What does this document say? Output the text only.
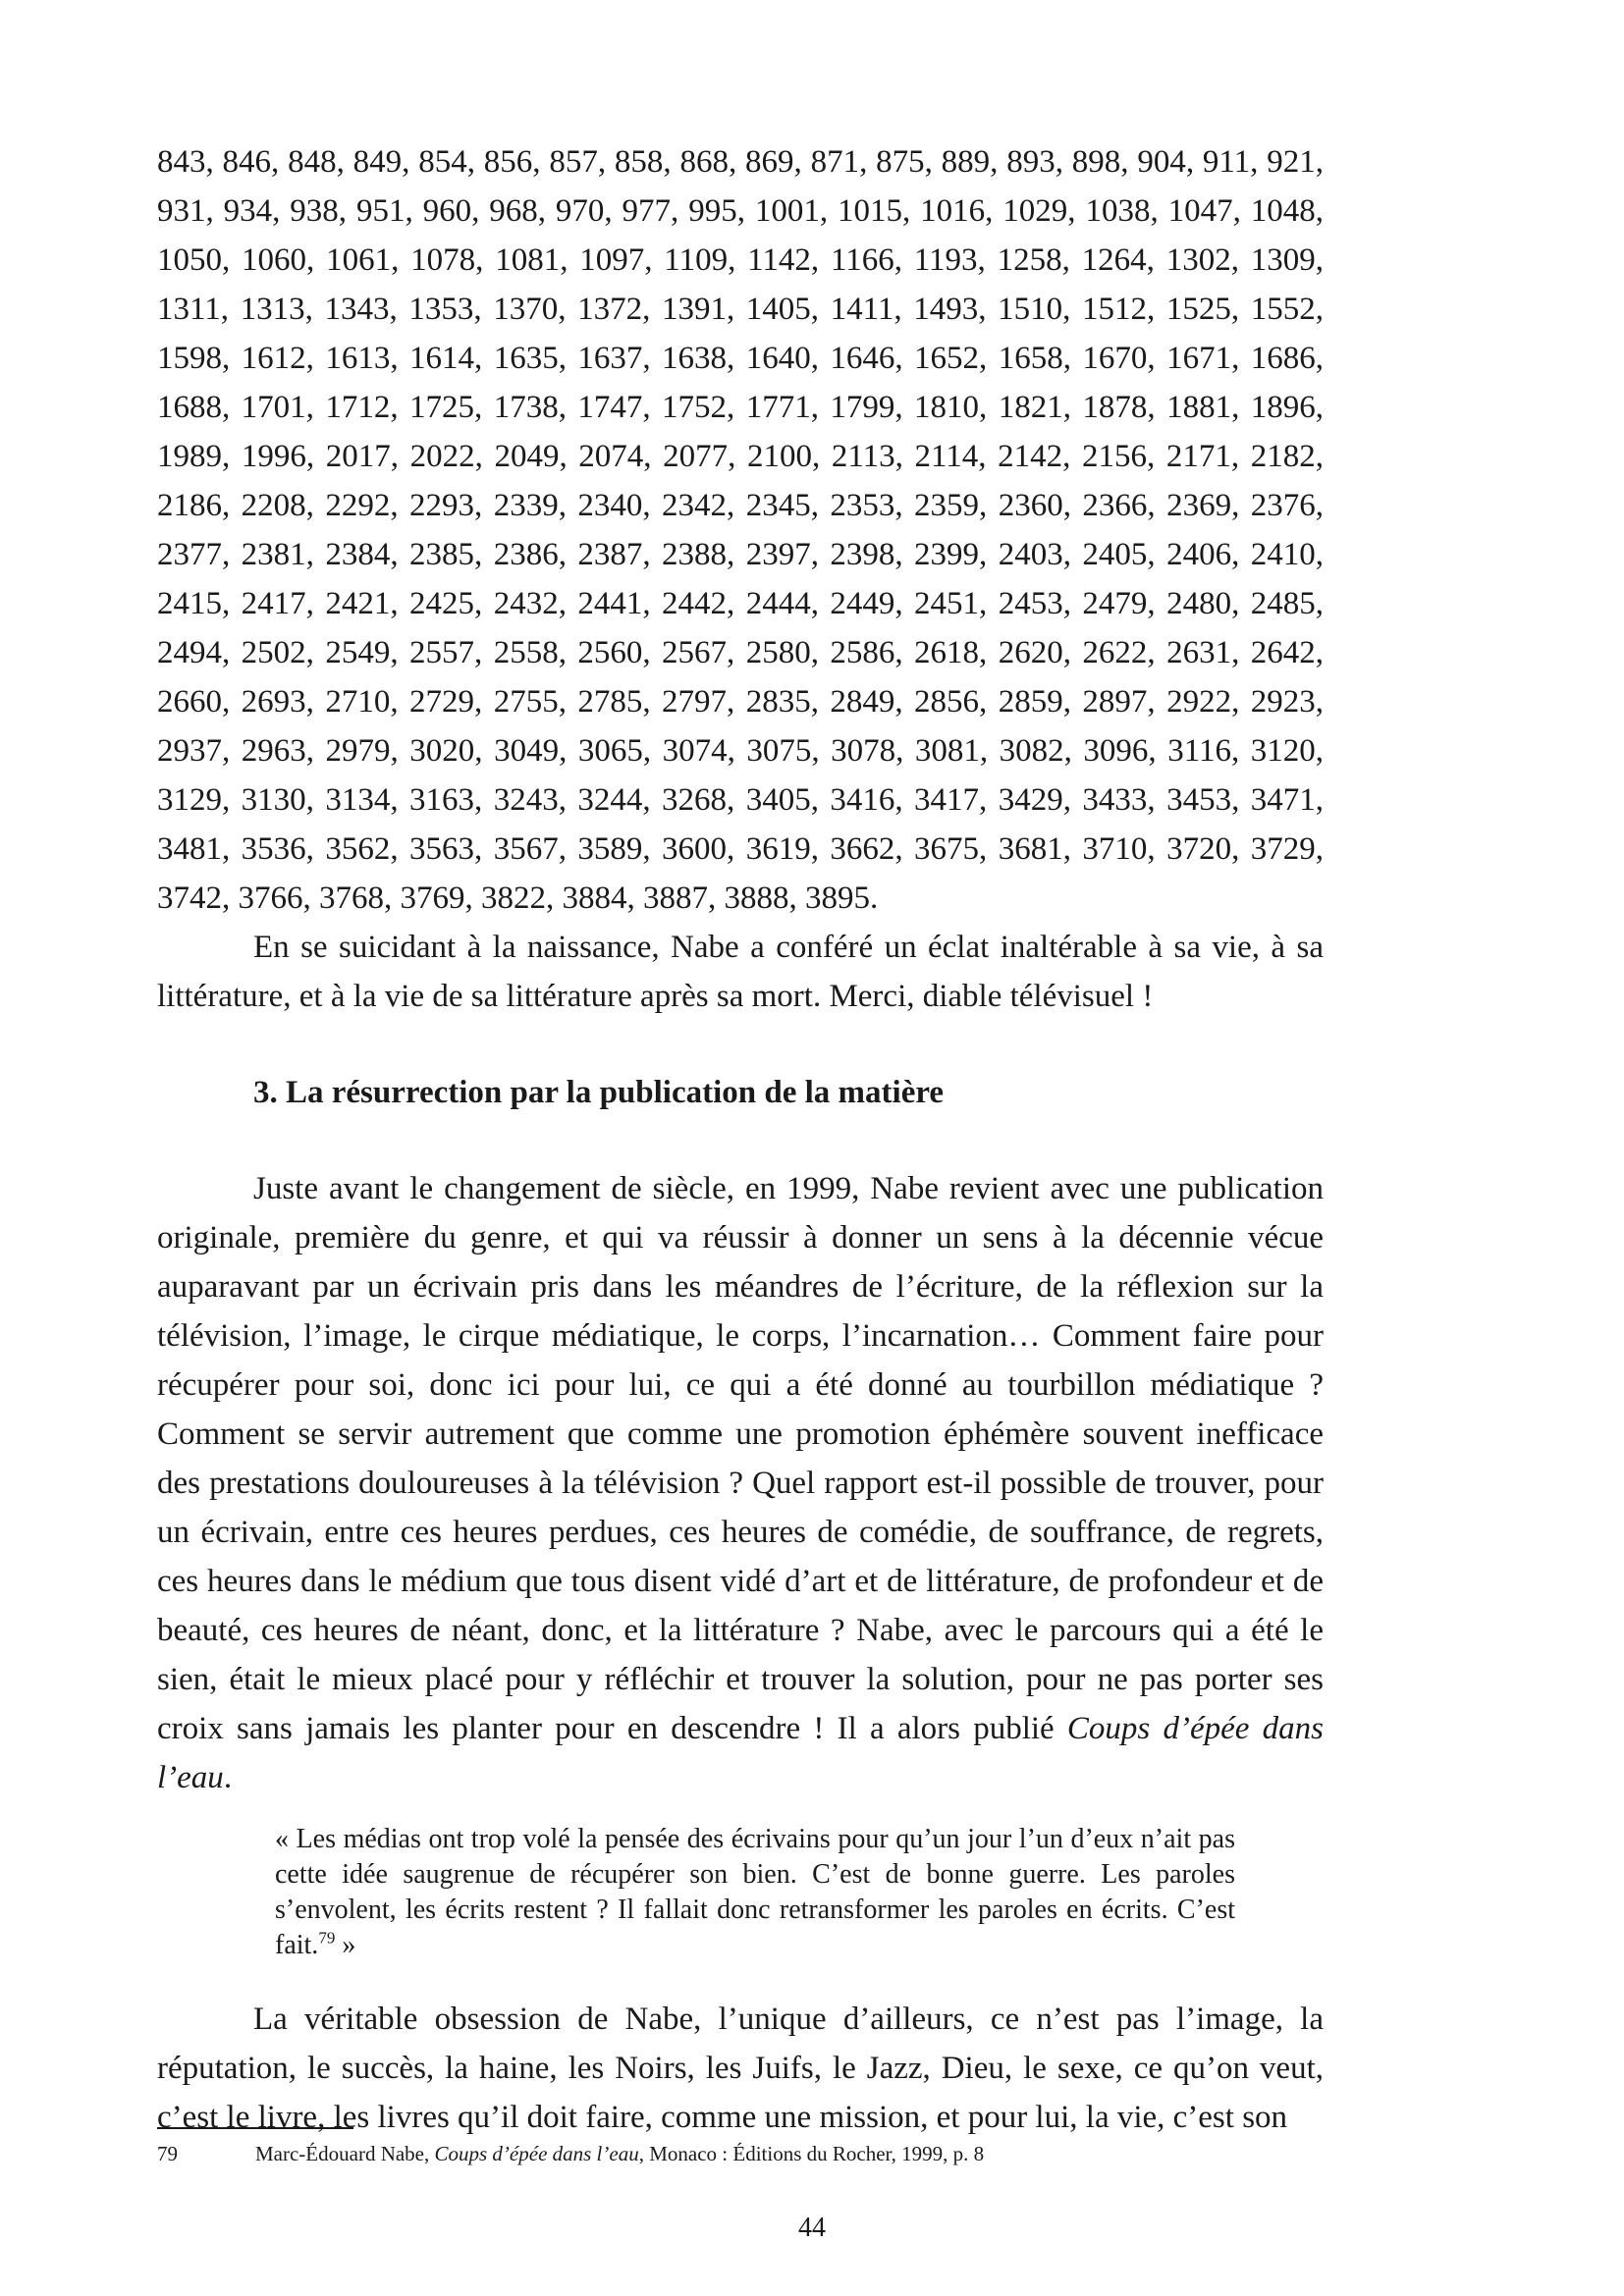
843, 846, 848, 849, 854, 856, 857, 858, 868, 869, 871, 875, 889, 893, 898, 904, 911, 921, 931, 934, 938, 951, 960, 968, 970, 977, 995, 1001, 1015, 1016, 1029, 1038, 1047, 1048, 1050, 1060, 1061, 1078, 1081, 1097, 1109, 1142, 1166, 1193, 1258, 1264, 1302, 1309, 1311, 1313, 1343, 1353, 1370, 1372, 1391, 1405, 1411, 1493, 1510, 1512, 1525, 1552, 1598, 1612, 1613, 1614, 1635, 1637, 1638, 1640, 1646, 1652, 1658, 1670, 1671, 1686, 1688, 1701, 1712, 1725, 1738, 1747, 1752, 1771, 1799, 1810, 1821, 1878, 1881, 1896, 1989, 1996, 2017, 2022, 2049, 2074, 2077, 2100, 2113, 2114, 2142, 2156, 2171, 2182, 2186, 2208, 2292, 2293, 2339, 2340, 2342, 2345, 2353, 2359, 2360, 2366, 2369, 2376, 2377, 2381, 2384, 2385, 2386, 2387, 2388, 2397, 2398, 2399, 2403, 2405, 2406, 2410, 2415, 2417, 2421, 2425, 2432, 2441, 2442, 2444, 2449, 2451, 2453, 2479, 2480, 2485, 2494, 2502, 2549, 2557, 2558, 2560, 2567, 2580, 2586, 2618, 2620, 2622, 2631, 2642, 2660, 2693, 2710, 2729, 2755, 2785, 2797, 2835, 2849, 2856, 2859, 2897, 2922, 2923, 2937, 2963, 2979, 3020, 3049, 3065, 3074, 3075, 3078, 3081, 3082, 3096, 3116, 3120, 3129, 3130, 3134, 3163, 3243, 3244, 3268, 3405, 3416, 3417, 3429, 3433, 3453, 3471, 3481, 3536, 3562, 3563, 3567, 3589, 3600, 3619, 3662, 3675, 3681, 3710, 3720, 3729, 3742, 3766, 3768, 3769, 3822, 3884, 3887, 3888, 3895.

En se suicidant à la naissance, Nabe a conféré un éclat inaltérable à sa vie, à sa littérature, et à la vie de sa littérature après sa mort. Merci, diable télévisuel !

3. La résurrection par la publication de la matière

Juste avant le changement de siècle, en 1999, Nabe revient avec une publication originale, première du genre, et qui va réussir à donner un sens à la décennie vécue auparavant par un écrivain pris dans les méandres de l’écriture, de la réflexion sur la télévision, l’image, le cirque médiatique, le corps, l’incarnation… Comment faire pour récupérer pour soi, donc ici pour lui, ce qui a été donné au tourbillon médiatique ? Comment se servir autrement que comme une promotion éphémère souvent inefficace des prestations douloureuses à la télévision ? Quel rapport est-il possible de trouver, pour un écrivain, entre ces heures perdues, ces heures de comédie, de souffrance, de regrets, ces heures dans le médium que tous disent vidé d’art et de littérature, de profondeur et de beauté, ces heures de néant, donc, et la littérature ? Nabe, avec le parcours qui a été le sien, était le mieux placé pour y réfléchir et trouver la solution, pour ne pas porter ses croix sans jamais les planter pour en descendre ! Il a alors publié Coups d’épée dans l’eau.

« Les médias ont trop volé la pensée des écrivains pour qu’un jour l’un d’eux n’ait pas cette idée saugrenue de récupérer son bien. C’est de bonne guerre. Les paroles s’envolent, les écrits restent ? Il fallait donc retransformer les paroles en écrits. C’est fait.$^{79}$ »

La véritable obsession de Nabe, l’unique d’ailleurs, ce n’est pas l’image, la réputation, le succès, la haine, les Noirs, les Juifs, le Jazz, Dieu, le sexe, ce qu’on veut, c’est le livre, les livres qu’il doit faire, comme une mission, et pour lui, la vie, c’est son

79	Marc-Édouard Nabe, Coups d’épée dans l’eau, Monaco : Éditions du Rocher, 1999, p. 8
44
